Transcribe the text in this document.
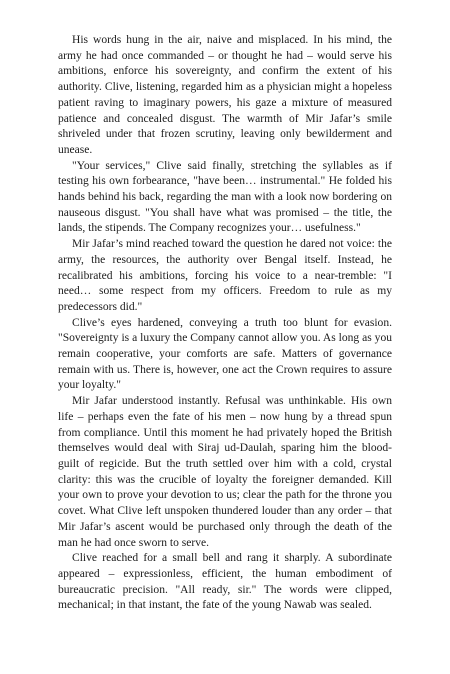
His words hung in the air, naive and misplaced. In his mind, the army he had once commanded – or thought he had – would serve his ambitions, enforce his sovereignty, and confirm the extent of his authority. Clive, listening, regarded him as a physician might a hopeless patient raving to imaginary powers, his gaze a mixture of measured patience and concealed disgust. The warmth of Mir Jafar’s smile shriveled under that frozen scrutiny, leaving only bewilderment and unease.

"Your services," Clive said finally, stretching the syllables as if testing his own forbearance, "have been… instrumental." He folded his hands behind his back, regarding the man with a look now bordering on nauseous disgust. "You shall have what was promised – the title, the lands, the stipends. The Company recognizes your… usefulness."

Mir Jafar’s mind reached toward the question he dared not voice: the army, the resources, the authority over Bengal itself. Instead, he recalibrated his ambitions, forcing his voice to a near-tremble: "I need… some respect from my officers. Freedom to rule as my predecessors did."

Clive’s eyes hardened, conveying a truth too blunt for evasion. "Sovereignty is a luxury the Company cannot allow you. As long as you remain cooperative, your comforts are safe. Matters of governance remain with us. There is, however, one act the Crown requires to assure your loyalty."

Mir Jafar understood instantly. Refusal was unthinkable. His own life – perhaps even the fate of his men – now hung by a thread spun from compliance. Until this moment he had privately hoped the British themselves would deal with Siraj ud-Daulah, sparing him the blood-guilt of regicide. But the truth settled over him with a cold, crystal clarity: this was the crucible of loyalty the foreigner demanded. Kill your own to prove your devotion to us; clear the path for the throne you covet. What Clive left unspoken thundered louder than any order – that Mir Jafar’s ascent would be purchased only through the death of the man he had once sworn to serve.

Clive reached for a small bell and rang it sharply. A subordinate appeared – expressionless, efficient, the human embodiment of bureaucratic precision. "All ready, sir." The words were clipped, mechanical; in that instant, the fate of the young Nawab was sealed.
